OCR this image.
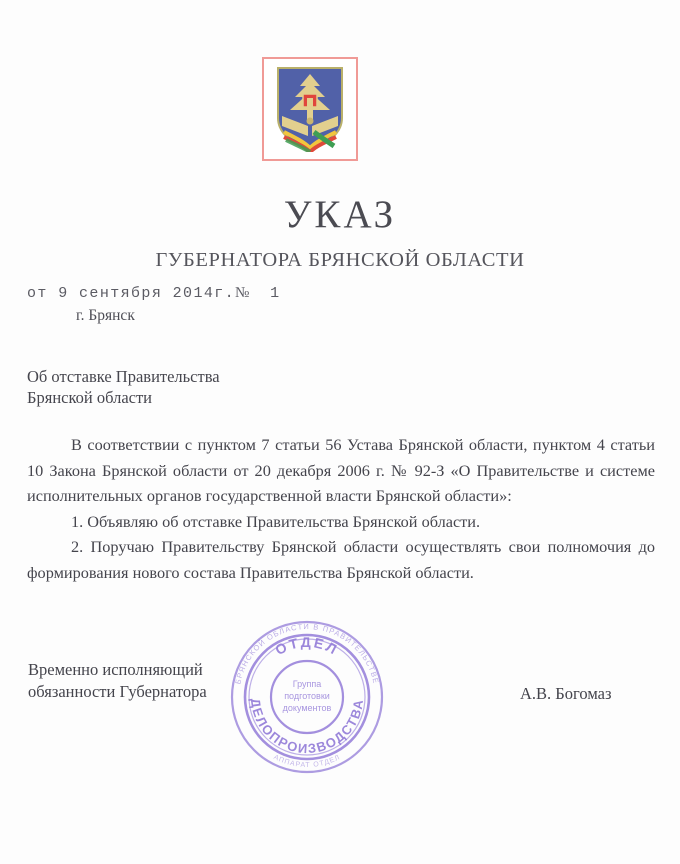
УКАЗ
ГУБЕРНАТОРА БРЯНСКОЙ ОБЛАСТИ
от 9 сентября 2014г.№ 1
г. Брянск
Об отставке Правительства
Брянской области

В соответствии с пунктом 7 статьи 56 Устава Брянской области, пунктом 4 статьи 10 Закона Брянской области от 20 декабря 2006 г. № 92-З «О Правительстве и системе исполнительных органов государственной власти Брянской области»:

1. Объявляю об отставке Правительства Брянской области.

2. Поручаю Правительству Брянской области осуществлять свои полномочия до формирования нового состава Правительства Брянской области.

Временно исполняющий
обязанности Губернатора	А.В. Богомаз
БРЯНСКОЙ ОБЛАСТИ В ПРАВИТЕЛЬСТВЕ
ОТДЕЛ
ДЕЛОПРОИЗВОДСТВА
АППАРАТ ОТДЕЛ
Группа
подготовки
документов
